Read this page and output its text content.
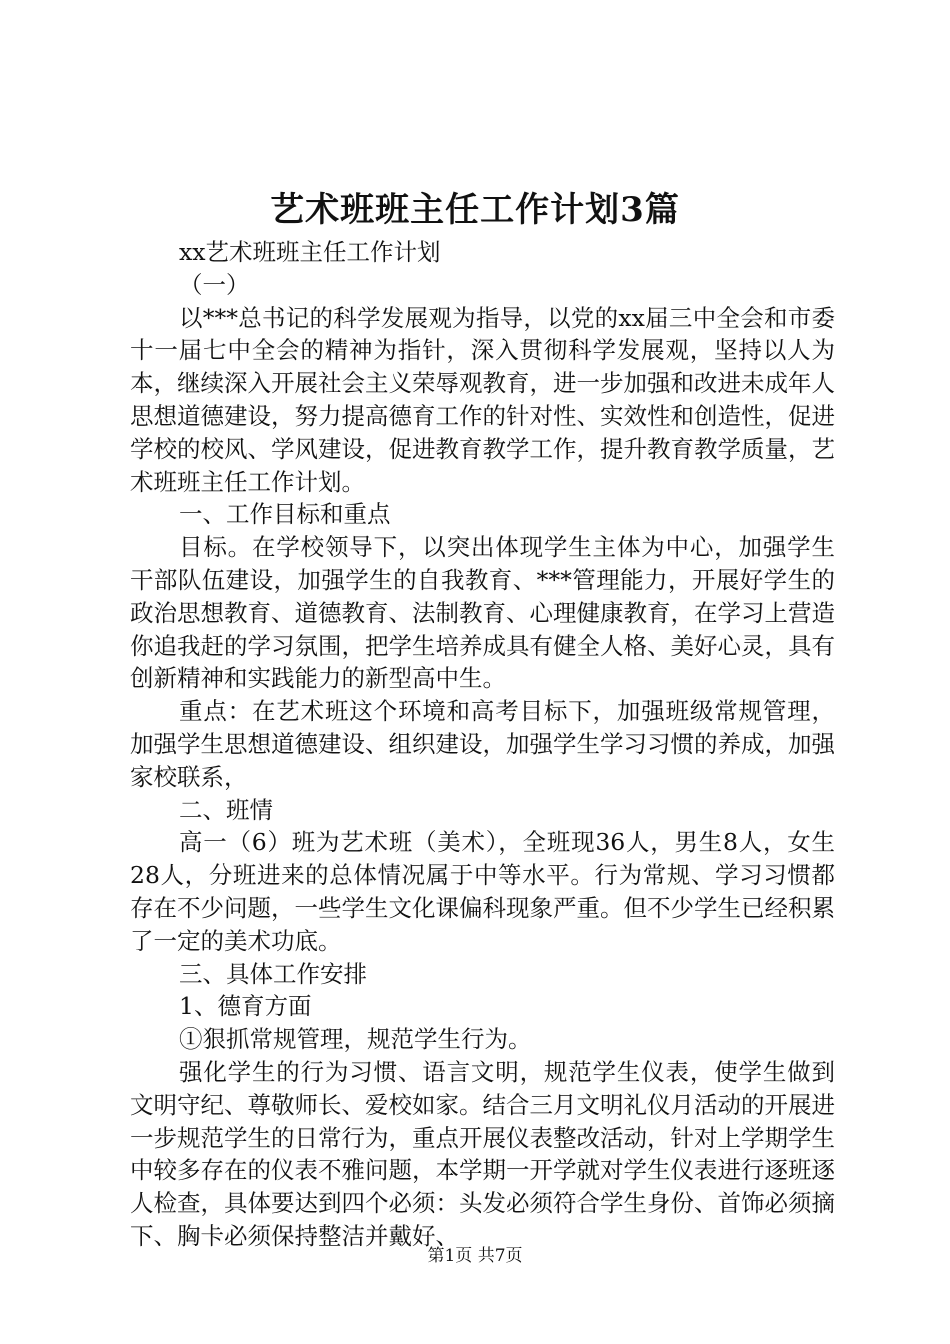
艺术班班主任工作计划3篇

xx艺术班班主任工作计划

（一）

以***总书记的科学发展观为指导，以党的xx届三中全会和市委十一届七中全会的精神为指针，深入贯彻科学发展观，坚持以人为本，继续深入开展社会主义荣辱观教育，进一步加强和改进未成年人思想道德建设，努力提高德育工作的针对性、实效性和创造性，促进学校的校风、学风建设，促进教育教学工作，提升教育教学质量，艺术班班主任工作计划。

一、工作目标和重点

目标。在学校领导下，以突出体现学生主体为中心，加强学生干部队伍建设，加强学生的自我教育、***管理能力，开展好学生的政治思想教育、道德教育、法制教育、心理健康教育，在学习上营造你追我赶的学习氛围，把学生培养成具有健全人格、美好心灵，具有创新精神和实践能力的新型高中生。

重点：在艺术班这个环境和高考目标下，加强班级常规管理，加强学生思想道德建设、组织建设，加强学生学习习惯的养成，加强家校联系，

二、班情

高一（6）班为艺术班（美术），全班现36人，男生8人，女生28人，分班进来的总体情况属于中等水平。行为常规、学习习惯都存在不少问题，一些学生文化课偏科现象严重。但不少学生已经积累了一定的美术功底。

三、具体工作安排

1、德育方面

①狠抓常规管理，规范学生行为。

强化学生的行为习惯、语言文明，规范学生仪表，使学生做到文明守纪、尊敬师长、爱校如家。结合三月文明礼仪月活动的开展进一步规范学生的日常行为，重点开展仪表整改活动，针对上学期学生中较多存在的仪表不雅问题，本学期一开学就对学生仪表进行逐班逐人检查，具体要达到四个必须：头发必须符合学生身份、首饰必须摘下、胸卡必须保持整洁并戴好、

第1页 共7页
